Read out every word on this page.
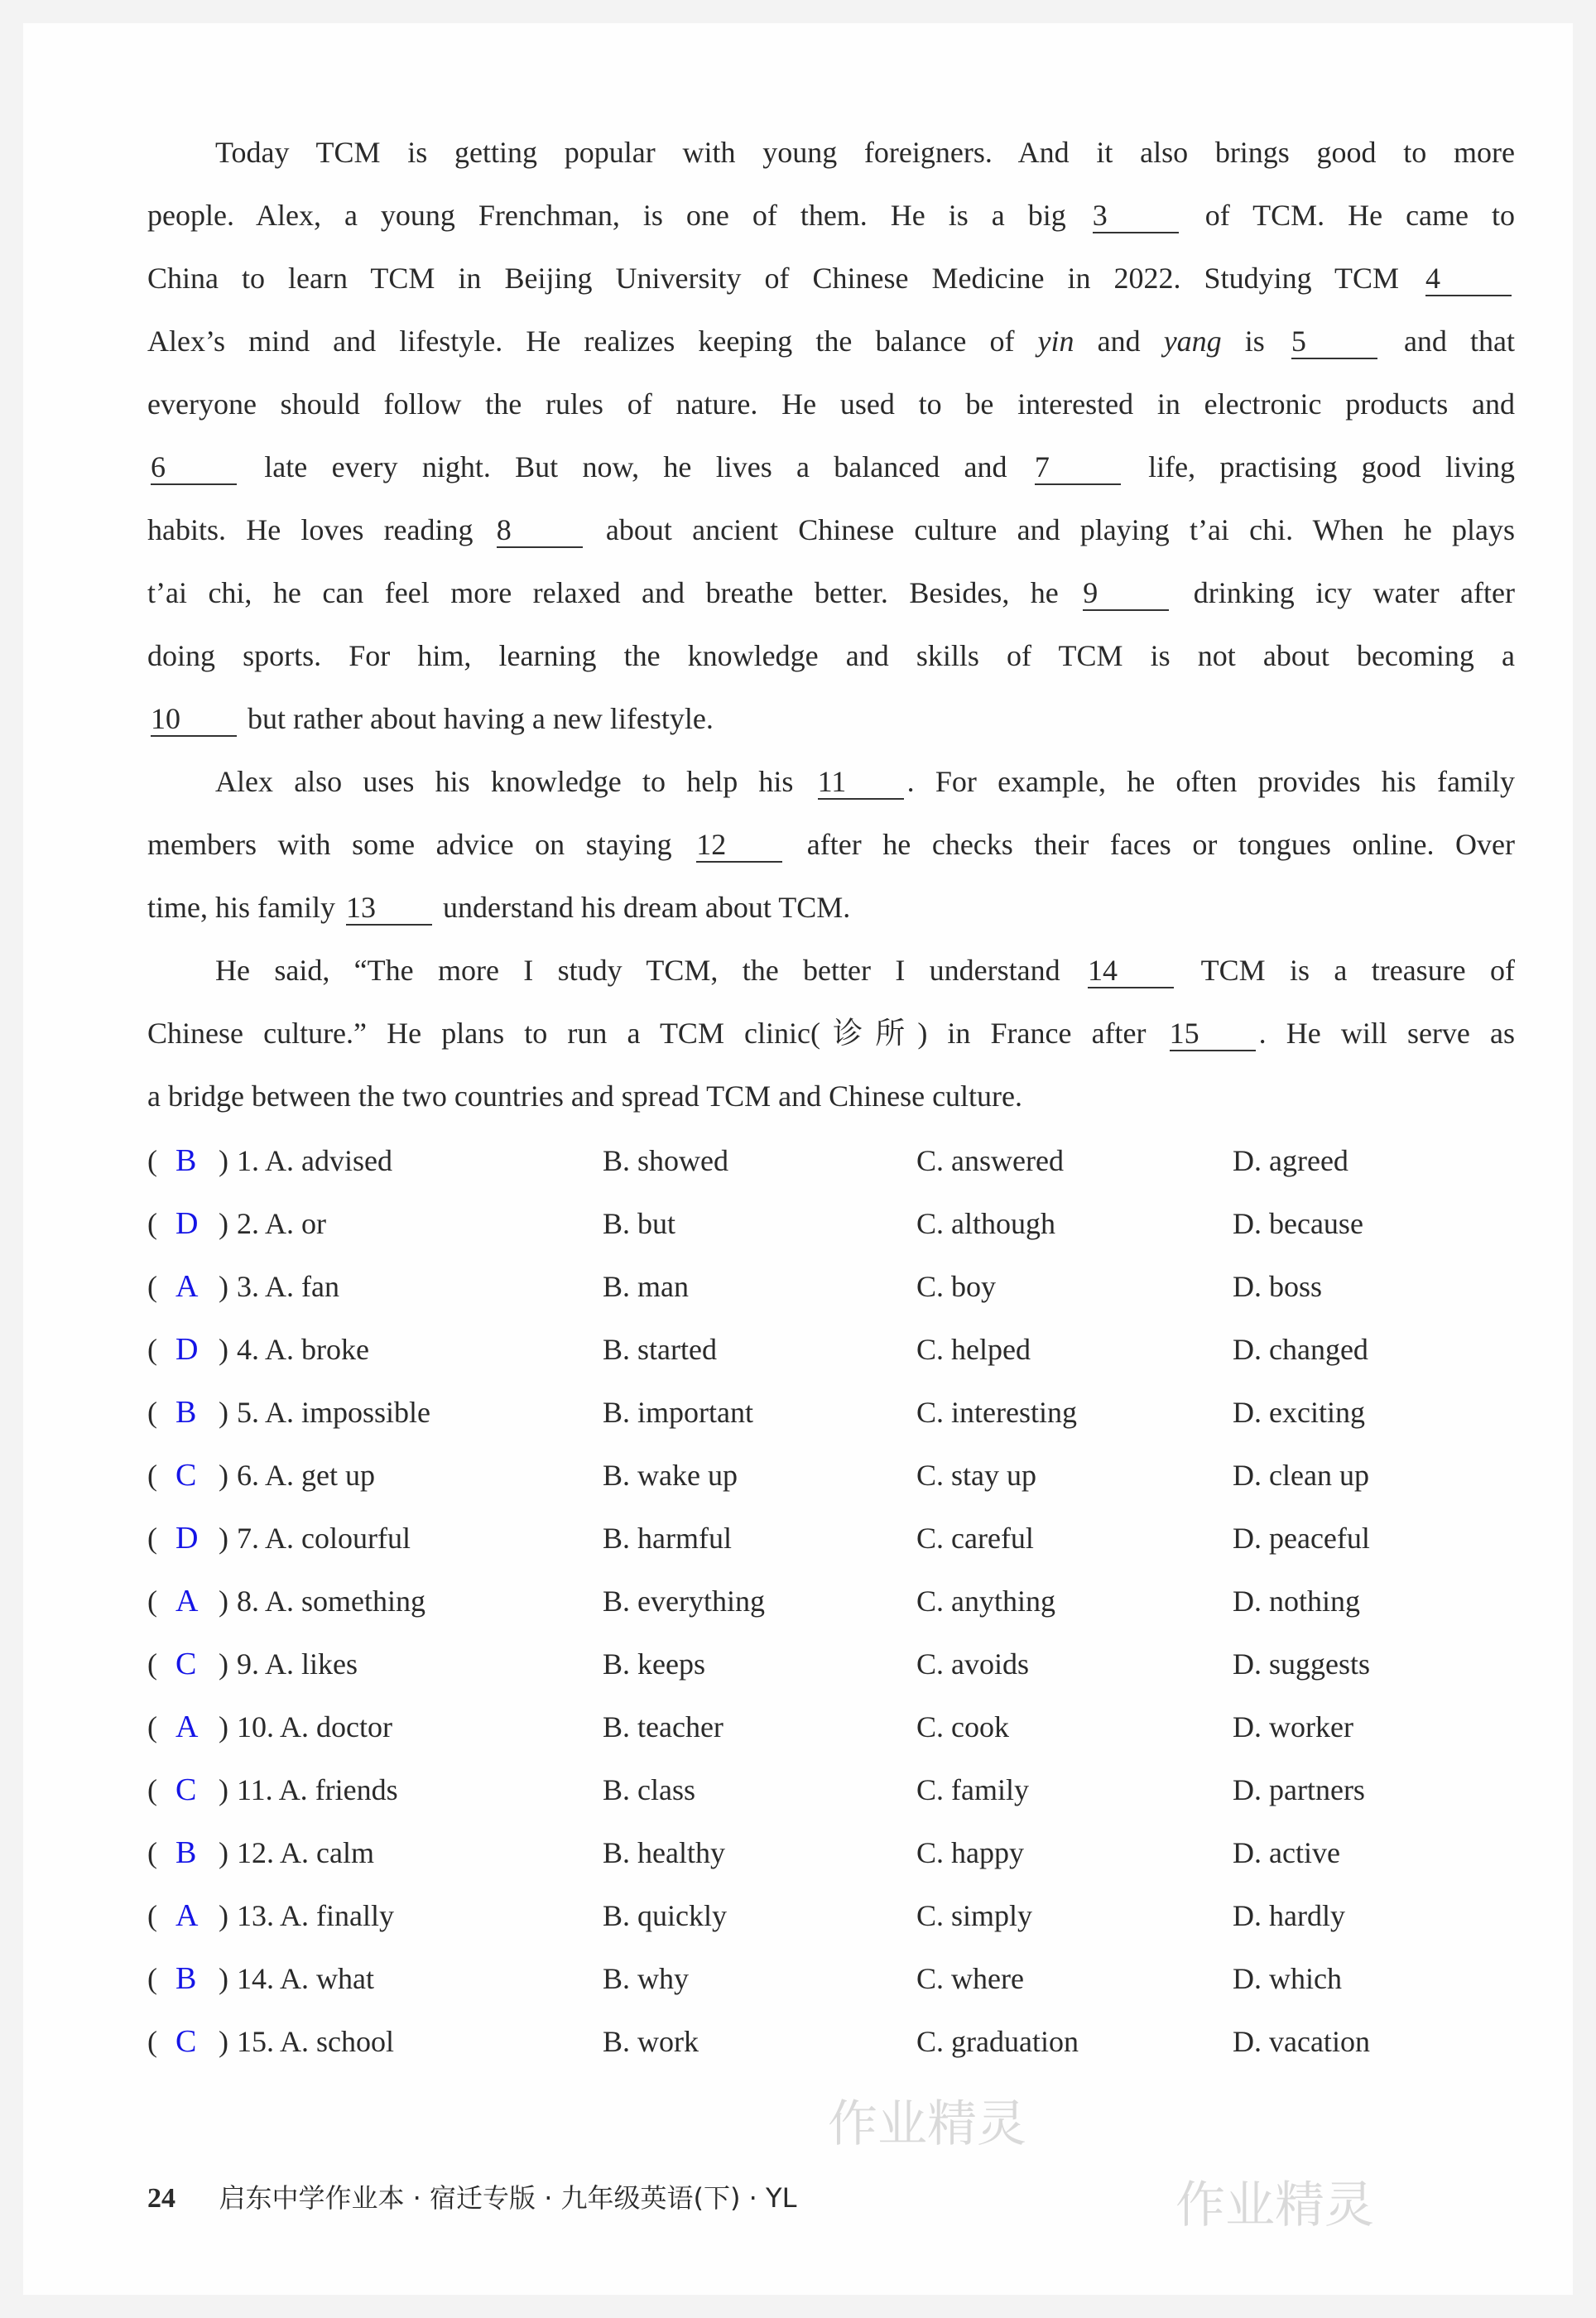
作业精灵
作业精灵
Today TCM is getting popular with young foreigners. And it also brings good to more
people. Alex, a young Frenchman, is one of them. He is a big 3	of TCM. He came to
China to learn TCM in Beijing University of Chinese Medicine in 2022. Studying TCM 4
Alex’s mind and lifestyle. He realizes keeping the balance of yin and yang is 5	and that
everyone should follow the rules of nature. He used to be interested in electronic products and
6	late every night. But now, he lives a balanced and 7	life, practising good living
habits. He loves reading 8	about ancient Chinese culture and playing t’ai chi. When he plays
t’ai chi, he can feel more relaxed and breathe better. Besides, he 9	drinking icy water after
doing sports. For him, learning the knowledge and skills of TCM is not about becoming a
10 but rather about having a new lifestyle.
Alex also uses his knowledge to help his 11 . For example, he often provides his family
members with some advice on staying 12 after he checks their faces or tongues online. Over
time, his family 13 understand his dream about TCM.
He said, “The more I study TCM, the better I understand 14 TCM is a treasure of
Chinese culture.” He plans to run a TCM clinic(诊所) in France after 15 . He will serve as
a bridge between the two countries and spread TCM and Chinese culture.
( B ) 1. A. advised	B. showed	C. answered	D. agreed
( D ) 2. A. or	B. but	C. although	D. because
( A ) 3. A. fan	B. man	C. boy	D. boss
( D ) 4. A. broke	B. started	C. helped	D. changed
( B ) 5. A. impossible	B. important	C. interesting	D. exciting
( C ) 6. A. get up	B. wake up	C. stay up	D. clean up
( D ) 7. A. colourful	B. harmful	C. careful	D. peaceful
( A ) 8. A. something	B. everything	C. anything	D. nothing
( C ) 9. A. likes	B. keeps	C. avoids	D. suggests
( A ) 10. A. doctor	B. teacher	C. cook	D. worker
( C ) 11. A. friends	B. class	C. family	D. partners
( B ) 12. A. calm	B. healthy	C. happy	D. active
( A ) 13. A. finally	B. quickly	C. simply	D. hardly
( B ) 14. A. what	B. why	C. where	D. which
( C ) 15. A. school	B. work	C. graduation	D. vacation
24 启东中学作业本 · 宿迁专版 · 九年级英语(下) · YL
